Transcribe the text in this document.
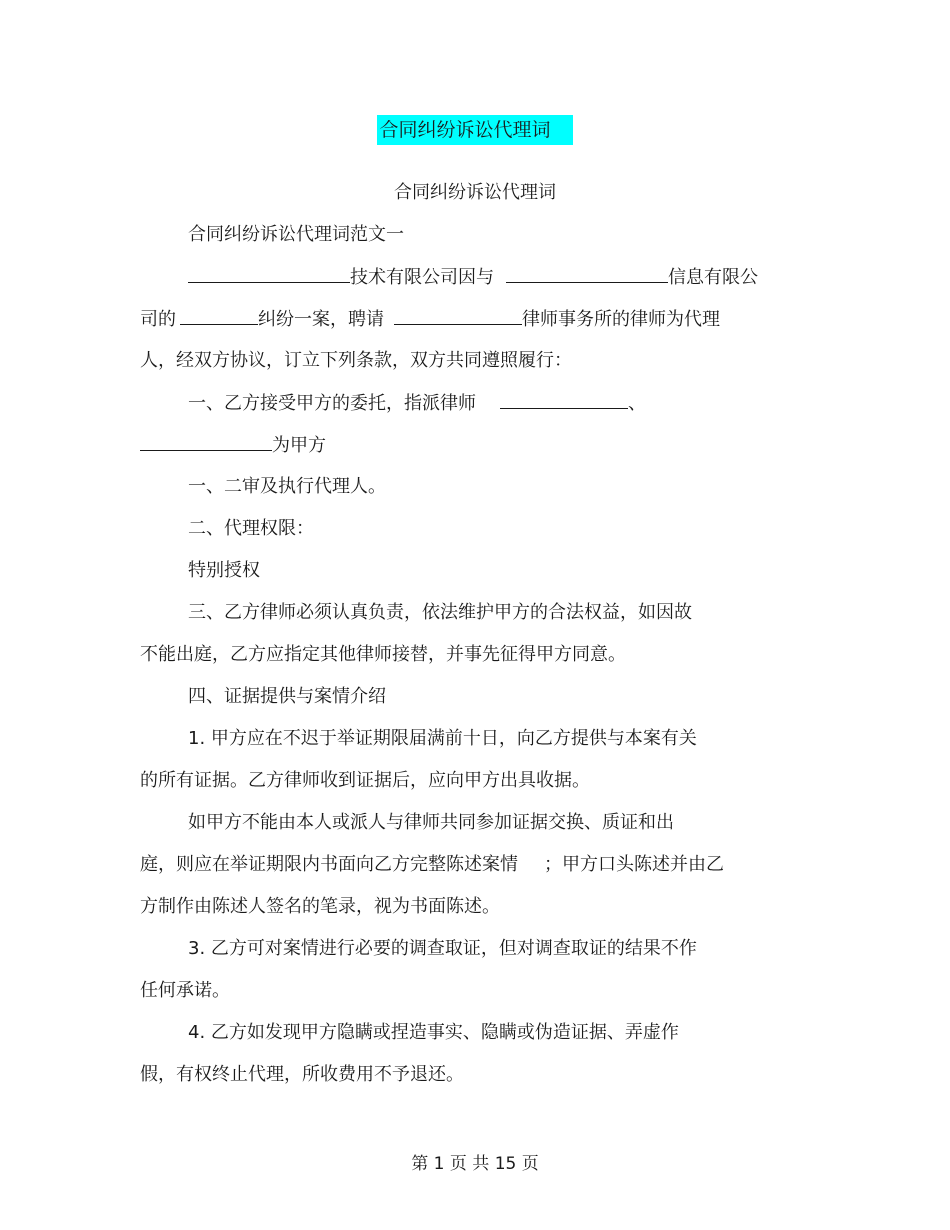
合同纠纷诉讼代理词
合同纠纷诉讼代理词
合同纠纷诉讼代理词范文一
技术有限公司因与	信息有限公
司的	纠纷一案，聘请	律师事务所的律师为代理
人，经双方协议，订立下列条款，双方共同遵照履行：
一、乙方接受甲方的委托，指派律师	、
为甲方
一、二审及执行代理人。
二、代理权限：
特别授权
三、乙方律师必须认真负责，依法维护甲方的合法权益，如因故
不能出庭，乙方应指定其他律师接替，并事先征得甲方同意。
四、证据提供与案情介绍
1. 甲方应在不迟于举证期限届满前十日，向乙方提供与本案有关
的所有证据。乙方律师收到证据后，应向甲方出具收据。
如甲方不能由本人或派人与律师共同参加证据交换、质证和出
庭，则应在举证期限内书面向乙方完整陈述案情 ；甲方口头陈述并由乙
方制作由陈述人签名的笔录，视为书面陈述。
3. 乙方可对案情进行必要的调查取证，但对调查取证的结果不作
任何承诺。
4. 乙方如发现甲方隐瞒或捏造事实、隐瞒或伪造证据、弄虚作
假，有权终止代理，所收费用不予退还。
第 1 页 共 15 页
